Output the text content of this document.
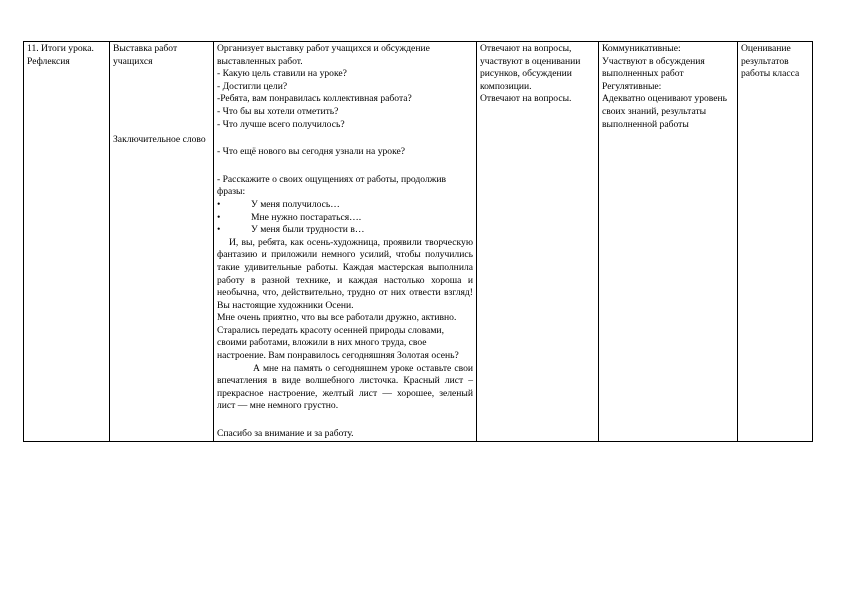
11. Итоги урока.
Рефлексия

Выставка работ учащихся
Заключительное слово

Организует выставку работ учащихся и обсуждение выставленных работ.
- Какую цель ставили на уроке?
- Достигли цели?
-Ребята, вам понравилась коллективная работа?
- Что бы вы хотели отметить?
- Что лучше всего получилось?
- Что ещё нового вы сегодня узнали на уроке?
- Расскажите о своих ощущениях от работы, продолжив фразы:
•	У меня получилось…
•	Мне нужно постараться….
•	У меня были трудности в…
И, вы, ребята, как осень-художница, проявили творческую фантазию и приложили немного усилий, чтобы получились такие удивительные работы. Каждая мастерская выполнила работу в разной технике, и каждая настолько хороша и необычна, что, действительно, трудно от них отвести взгляд! Вы настоящие художники Осени.
Мне очень приятно, что вы все работали дружно, активно. Старались передать красоту осенней природы словами, своими работами, вложили в них много труда, свое настроение. Вам понравилось сегодняшняя Золотая осень?
А мне на память о сегодняшнем уроке оставьте свои впечатления в виде волшебного листочка. Красный лист – прекрасное настроение, желтый лист — хорошее, зеленый лист — мне немного грустно.
Спасибо за внимание и за работу.

Отвечают на вопросы, участвуют в оценивании рисунков, обсуждении композиции.
Отвечают на вопросы.

Коммуникативные:
Участвуют в обсуждения выполненных работ
Регулятивные:
Адекватно оценивают уровень своих знаний, результаты выполненной работы

Оценивание результатов работы класса
